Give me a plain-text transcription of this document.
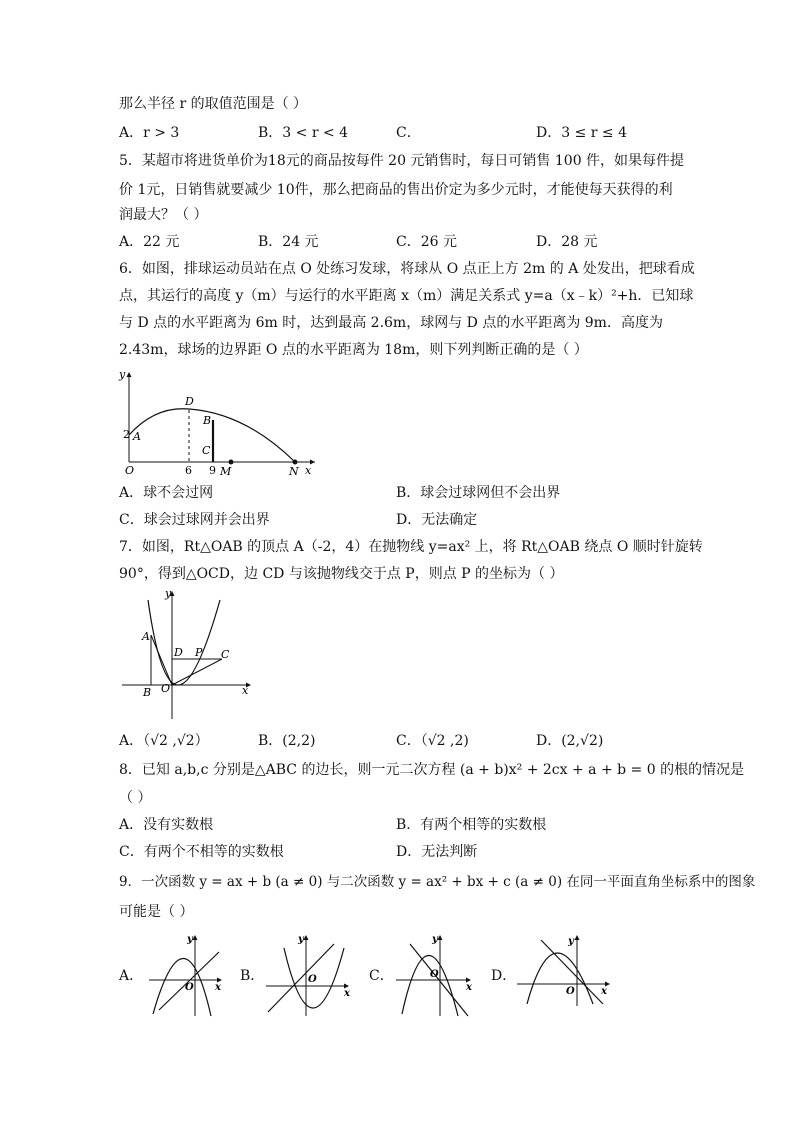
那么半径 r 的取值范围是（ ）
A．r > 3	B．3 < r < 4	C．	D．3 ≤ r ≤ 4
5．某超市将进货单价为18元的商品按每件 20 元销售时，每日可销售 100 件，如果每件提
价 1元，日销售就要减少 10件，那么把商品的售出价定为多少元时，才能使每天获得的利
润最大？（ ）
A．22 元	B．24 元	C．26 元	D．28 元
6．如图，排球运动员站在点 O 处练习发球，将球从 O 点正上方 2m 的 A 处发出，把球看成
点，其运行的高度 y（m）与运行的水平距离 x（m）满足关系式 y=a（x﹣k）²+h．已知球
与 D 点的水平距离为 6m 时，达到最高 2.6m，球网与 D 点的水平距离为 9m．高度为
2.43m，球场的边界距 O 点的水平距离为 18m，则下列判断正确的是（ ）
y
x
D
B
C
A
2
O	6 9 M	N
A．球不会过网	B．球会过球网但不会出界
C．球会过球网并会出界	D．无法确定
7．如图，Rt△OAB 的顶点 A（-2，4）在抛物线 y=ax² 上，将 Rt△OAB 绕点 O 顺时针旋转
90°，得到△OCD，边 CD 与该抛物线交于点 P，则点 P 的坐标为（ ）
y
x
A
B O
D P C
A．（√2 ,√2）	B．(2,2)	C．（√2 ,2)	D．(2,√2)
8．已知 a,b,c 分别是△ABC 的边长，则一元二次方程 (a + b)x² + 2cx + a + b = 0 的根的情况是
（ ）
A．没有实数根	B．有两个相等的实数根
C．有两个不相等的实数根	D．无法判断
9．一次函数 y = ax + b (a ≠ 0) 与二次函数 y = ax² + bx + c (a ≠ 0) 在同一平面直角坐标系中的图象
可能是（ ）
A．
y
x
O
B．
y
x
O	C．
y
x
O	D．
y
x
O
